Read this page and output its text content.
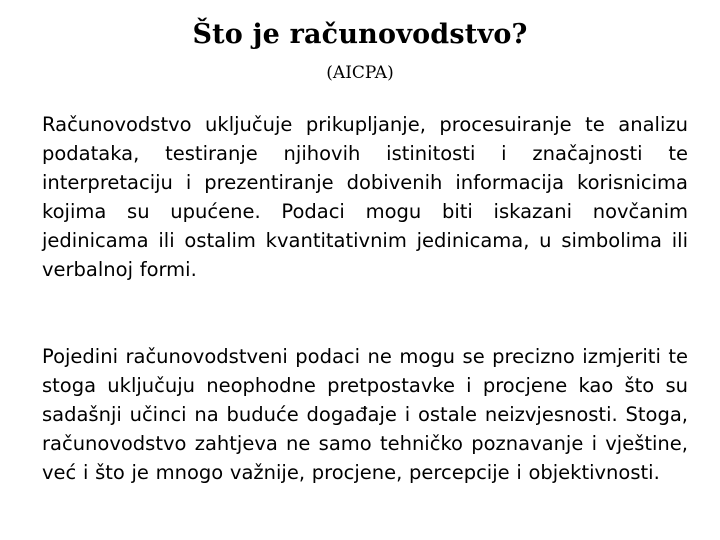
Što je računovodstvo?
(AICPA)

Računovodstvo uključuje prikupljanje, procesuiranje te analizu podataka, testiranje njihovih istinitosti i značajnosti te interpretaciju i prezentiranje dobivenih informacija korisnicima kojima su upućene. Podaci mogu biti iskazani novčanim jedinicama ili ostalim kvantitativnim jedinicama, u simbolima ili verbalnoj formi.

Pojedini računovodstveni podaci ne mogu se precizno izmjeriti te stoga uključuju neophodne pretpostavke i procjene kao što su sadašnji učinci na buduće događaje i ostale neizvjesnosti. Stoga, računovodstvo zahtjeva ne samo tehničko poznavanje i vještine, već i što je mnogo važnije, procjene, percepcije i objektivnosti.
